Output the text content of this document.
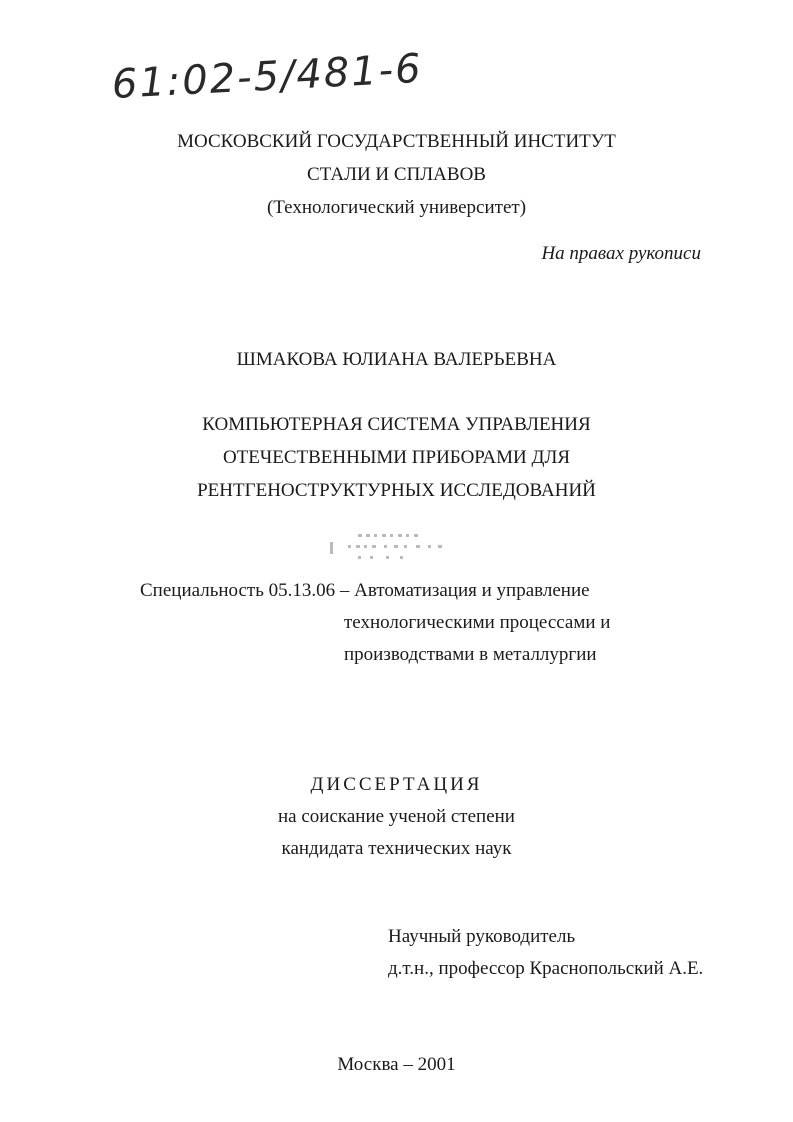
61:02-5/481-6
МОСКОВСКИЙ ГОСУДАРСТВЕННЫЙ ИНСТИТУТ
СТАЛИ И СПЛАВОВ
(Технологический университет)
На правах рукописи
ШМАКОВА ЮЛИАНА ВАЛЕРЬЕВНА
КОМПЬЮТЕРНАЯ СИСТЕМА УПРАВЛЕНИЯ
ОТЕЧЕСТВЕННЫМИ ПРИБОРАМИ ДЛЯ
РЕНТГЕНОСТРУКТУРНЫХ ИССЛЕДОВАНИЙ
Специальность 05.13.06 – Автоматизация и управление
технологическими процессами и
производствами в металлургии
ДИССЕРТАЦИЯ
на соискание ученой степени
кандидата технических наук
Научный руководитель
д.т.н., профессор Краснопольский А.Е.
Москва – 2001
